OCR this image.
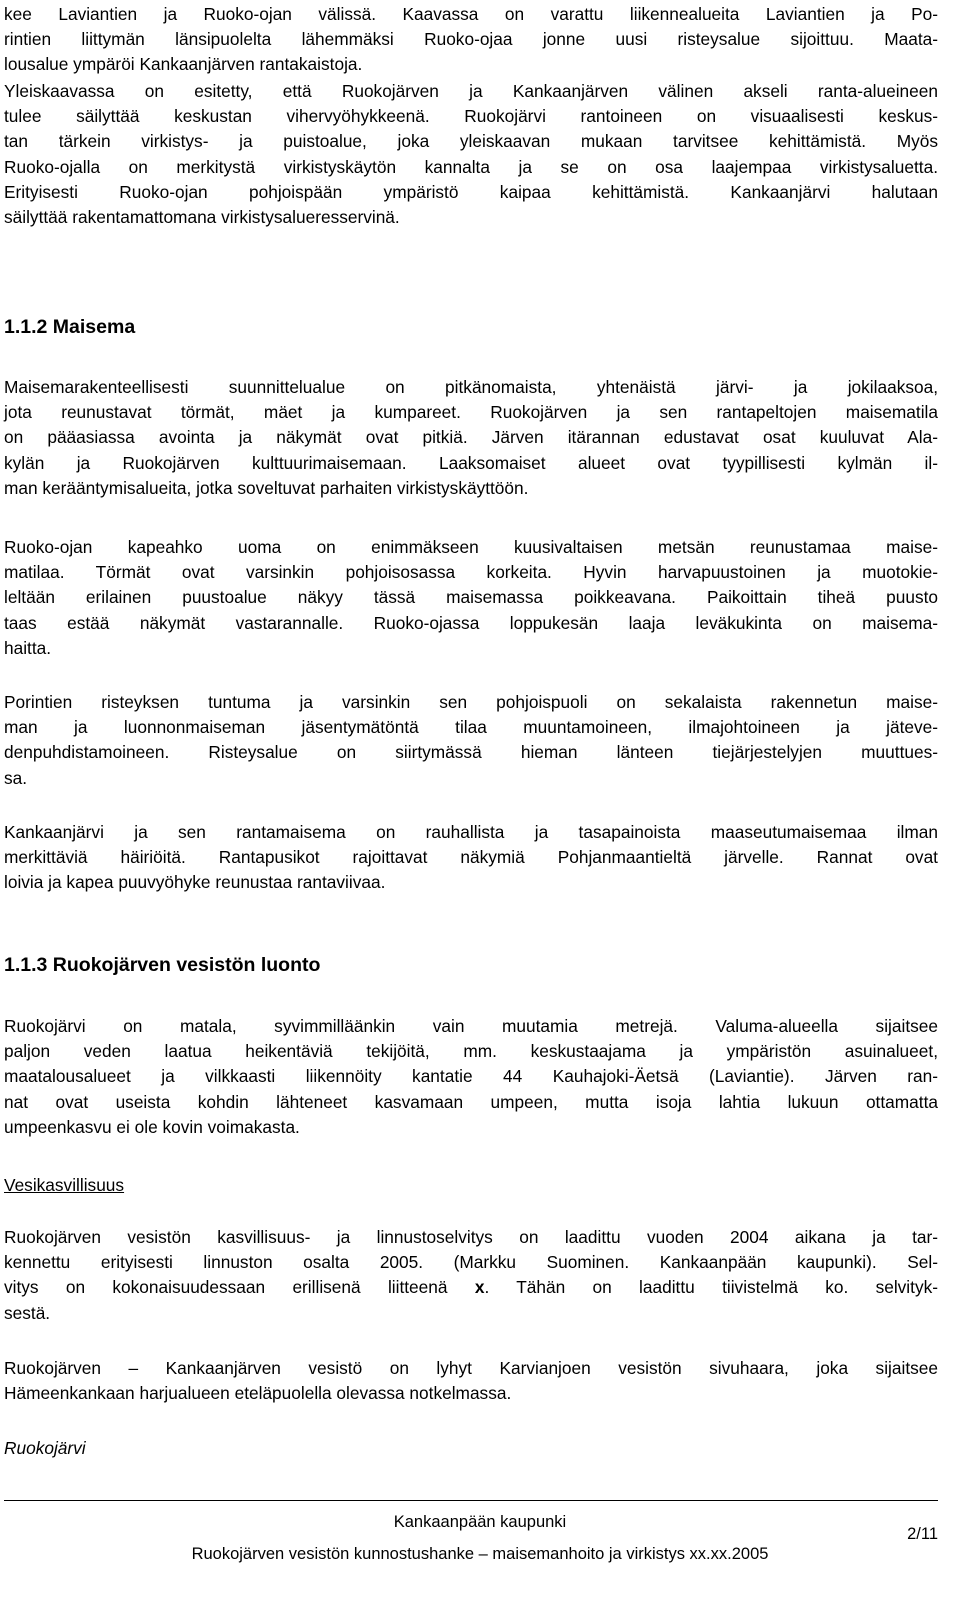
kee Laviantien ja Ruoko-ojan välissä. Kaavassa on varattu liikennealueita Laviantien ja Po-
rintien liittymän länsipuolelta lähemmäksi Ruoko-ojaa jonne uusi risteysalue sijoittuu. Maata-
lousalue ympäröi Kankaanjärven rantakaistoja.
Yleiskaavassa on esitetty, että Ruokojärven ja Kankaanjärven välinen akseli ranta-alueineen
tulee säilyttää keskustan vihervyöhykkeenä. Ruokojärvi rantoineen on visuaalisesti keskus-
tan tärkein virkistys- ja puistoalue, joka yleiskaavan mukaan tarvitsee kehittämistä. Myös
Ruoko-ojalla on merkitystä virkistyskäytön kannalta ja se on osa laajempaa virkistysaluetta.
Erityisesti Ruoko-ojan pohjoispään ympäristö kaipaa kehittämistä. Kankaanjärvi halutaan
säilyttää rakentamattomana virkistysalueresservinä.
1.1.2 Maisema
Maisemarakenteellisesti suunnittelualue on pitkänomaista, yhtenäistä järvi- ja jokilaaksoa,
jota reunustavat törmät, mäet ja kumpareet. Ruokojärven ja sen rantapeltojen maisematila
on pääasiassa avointa ja näkymät ovat pitkiä. Järven itärannan edustavat osat kuuluvat Ala-
kylän ja Ruokojärven kulttuurimaisemaan. Laaksomaiset alueet ovat tyypillisesti kylmän il-
man kerääntymisalueita, jotka soveltuvat parhaiten virkistyskäyttöön.
Ruoko-ojan kapeahko uoma on enimmäkseen kuusivaltaisen metsän reunustamaa maise-
matilaa. Törmät ovat varsinkin pohjoisosassa korkeita. Hyvin harvapuustoinen ja muotokie-
leltään erilainen puustoalue näkyy tässä maisemassa poikkeavana. Paikoittain tiheä puusto
taas estää näkymät vastarannalle. Ruoko-ojassa loppukesän laaja leväkukinta on maisema-
haitta.
Porintien risteyksen tuntuma ja varsinkin sen pohjoispuoli on sekalaista rakennetun maise-
man ja luonnonmaiseman jäsentymätöntä tilaa muuntamoineen, ilmajohtoineen ja jäteve-
denpuhdistamoineen. Risteysalue on siirtymässä hieman länteen tiejärjestelyjen muuttues-
sa.
Kankaanjärvi ja sen rantamaisema on rauhallista ja tasapainoista maaseutumaisemaa ilman
merkittäviä häiriöitä. Rantapusikot rajoittavat näkymiä Pohjanmaantieltä järvelle. Rannat ovat
loivia ja kapea puuvyöhyke reunustaa rantaviivaa.
1.1.3 Ruokojärven vesistön luonto
Ruokojärvi on matala, syvimmilläänkin vain muutamia metrejä. Valuma-alueella sijaitsee
paljon veden laatua heikentäviä tekijöitä, mm. keskustaajama ja ympäristön asuinalueet,
maatalousalueet ja vilkkaasti liikennöity kantatie 44 Kauhajoki-Äetsä (Laviantie). Järven ran-
nat ovat useista kohdin lähteneet kasvamaan umpeen, mutta isoja lahtia lukuun ottamatta
umpeenkasvu ei ole kovin voimakasta.
Vesikasvillisuus
Ruokojärven vesistön kasvillisuus- ja linnustoselvitys on laadittu vuoden 2004 aikana ja tar-
kennettu erityisesti linnuston osalta 2005. (Markku Suominen. Kankaanpään kaupunki). Sel-
vitys on kokonaisuudessaan erillisenä liitteenä x. Tähän on laadittu tiivistelmä ko. selvityk-
sestä.
Ruokojärven – Kankaanjärven vesistö on lyhyt Karvianjoen vesistön sivuhaara, joka sijaitsee
Hämeenkankaan harjualueen eteläpuolella olevassa notkelmassa.
Ruokojärvi
Kankaanpään kaupunki
2/11
Ruokojärven vesistön kunnostushanke – maisemanhoito ja virkistys xx.xx.2005
